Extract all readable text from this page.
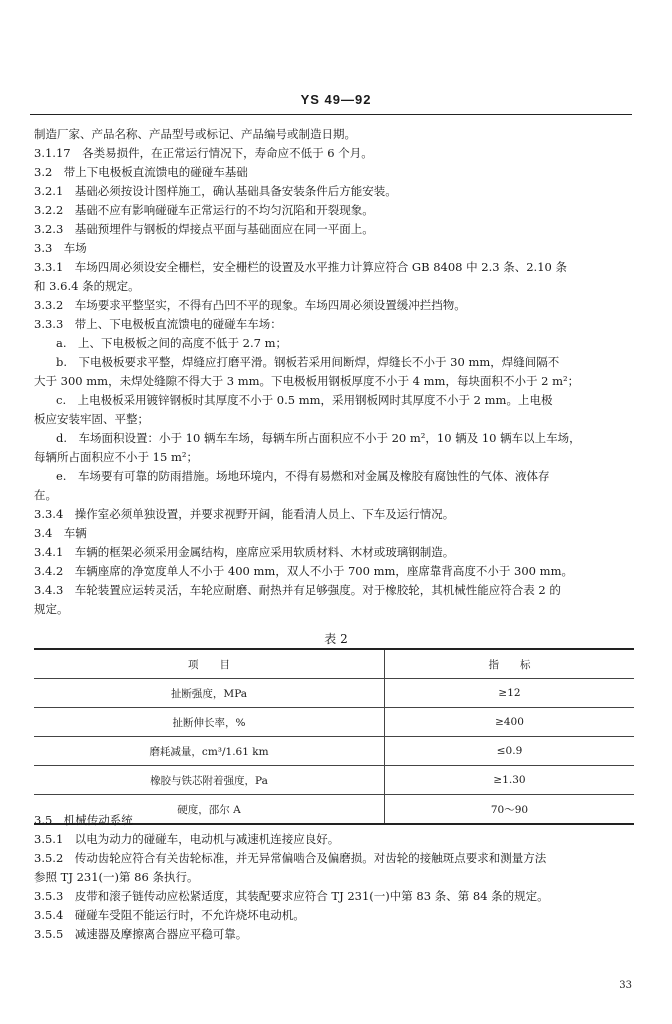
YS 49—92
制造厂家、产品名称、产品型号或标记、产品编号或制造日期。
3.1.17　各类易损件，在正常运行情况下，寿命应不低于 6 个月。
3.2　带上下电极板直流馈电的碰碰车基础
3.2.1　基础必须按设计图样施工，确认基础具备安装条件后方能安装。
3.2.2　基础不应有影响碰碰车正常运行的不均匀沉陷和开裂现象。
3.2.3　基础预埋件与钢板的焊接点平面与基础面应在同一平面上。
3.3　车场
3.3.1　车场四周必须设安全栅栏，安全栅栏的设置及水平推力计算应符合 GB 8408 中 2.3 条、2.10 条
和 3.6.4 条的规定。
3.3.2　车场要求平整坚实，不得有凸凹不平的现象。车场四周必须设置缓冲拦挡物。
3.3.3　带上、下电极板直流馈电的碰碰车车场：
a.　上、下电极板之间的高度不低于 2.7 m；
b.　下电极板要求平整，焊缝应打磨平滑。钢板若采用间断焊，焊缝长不小于 30 mm，焊缝间隔不
大于 300 mm，未焊处缝隙不得大于 3 mm。下电极板用钢板厚度不小于 4 mm，每块面积不小于 2 m²；
c.　上电极板采用镀锌钢板时其厚度不小于 0.5 mm，采用钢板网时其厚度不小于 2 mm。上电极
板应安装牢固、平整；
d.　车场面积设置：小于 10 辆车车场，每辆车所占面积应不小于 20 m²，10 辆及 10 辆车以上车场，
每辆所占面积应不小于 15 m²；
e.　车场要有可靠的防雨措施。场地环境内，不得有易燃和对金属及橡胶有腐蚀性的气体、液体存
在。
3.3.4　操作室必须单独设置，并要求视野开阔，能看清人员上、下车及运行情况。
3.4　车辆
3.4.1　车辆的框架必须采用金属结构，座席应采用软质材料、木材或玻璃钢制造。
3.4.2　车辆座席的净宽度单人不小于 400 mm，双人不小于 700 mm，座席靠背高度不小于 300 mm。
3.4.3　车轮装置应运转灵活，车轮应耐磨、耐热并有足够强度。对于橡胶轮，其机械性能应符合表 2 的
规定。
表 2
项　　目	指　　标
扯断强度，MPa	≥12
扯断伸长率，%	≥400
磨耗减量，cm³/1.61 km	≤0.9
橡胶与铁芯附着强度，Pa	≥1.30
硬度，邵尔 A	70～90
3.5　机械传动系统
3.5.1　以电为动力的碰碰车，电动机与减速机连接应良好。
3.5.2　传动齿轮应符合有关齿轮标准，并无异常偏啮合及偏磨损。对齿轮的接触斑点要求和测量方法
参照 TJ 231(一)第 86 条执行。
3.5.3　皮带和滚子链传动应松紧适度，其装配要求应符合 TJ 231(一)中第 83 条、第 84 条的规定。
3.5.4　碰碰车受阻不能运行时，不允许烧坏电动机。
3.5.5　减速器及摩擦离合器应平稳可靠。
33
